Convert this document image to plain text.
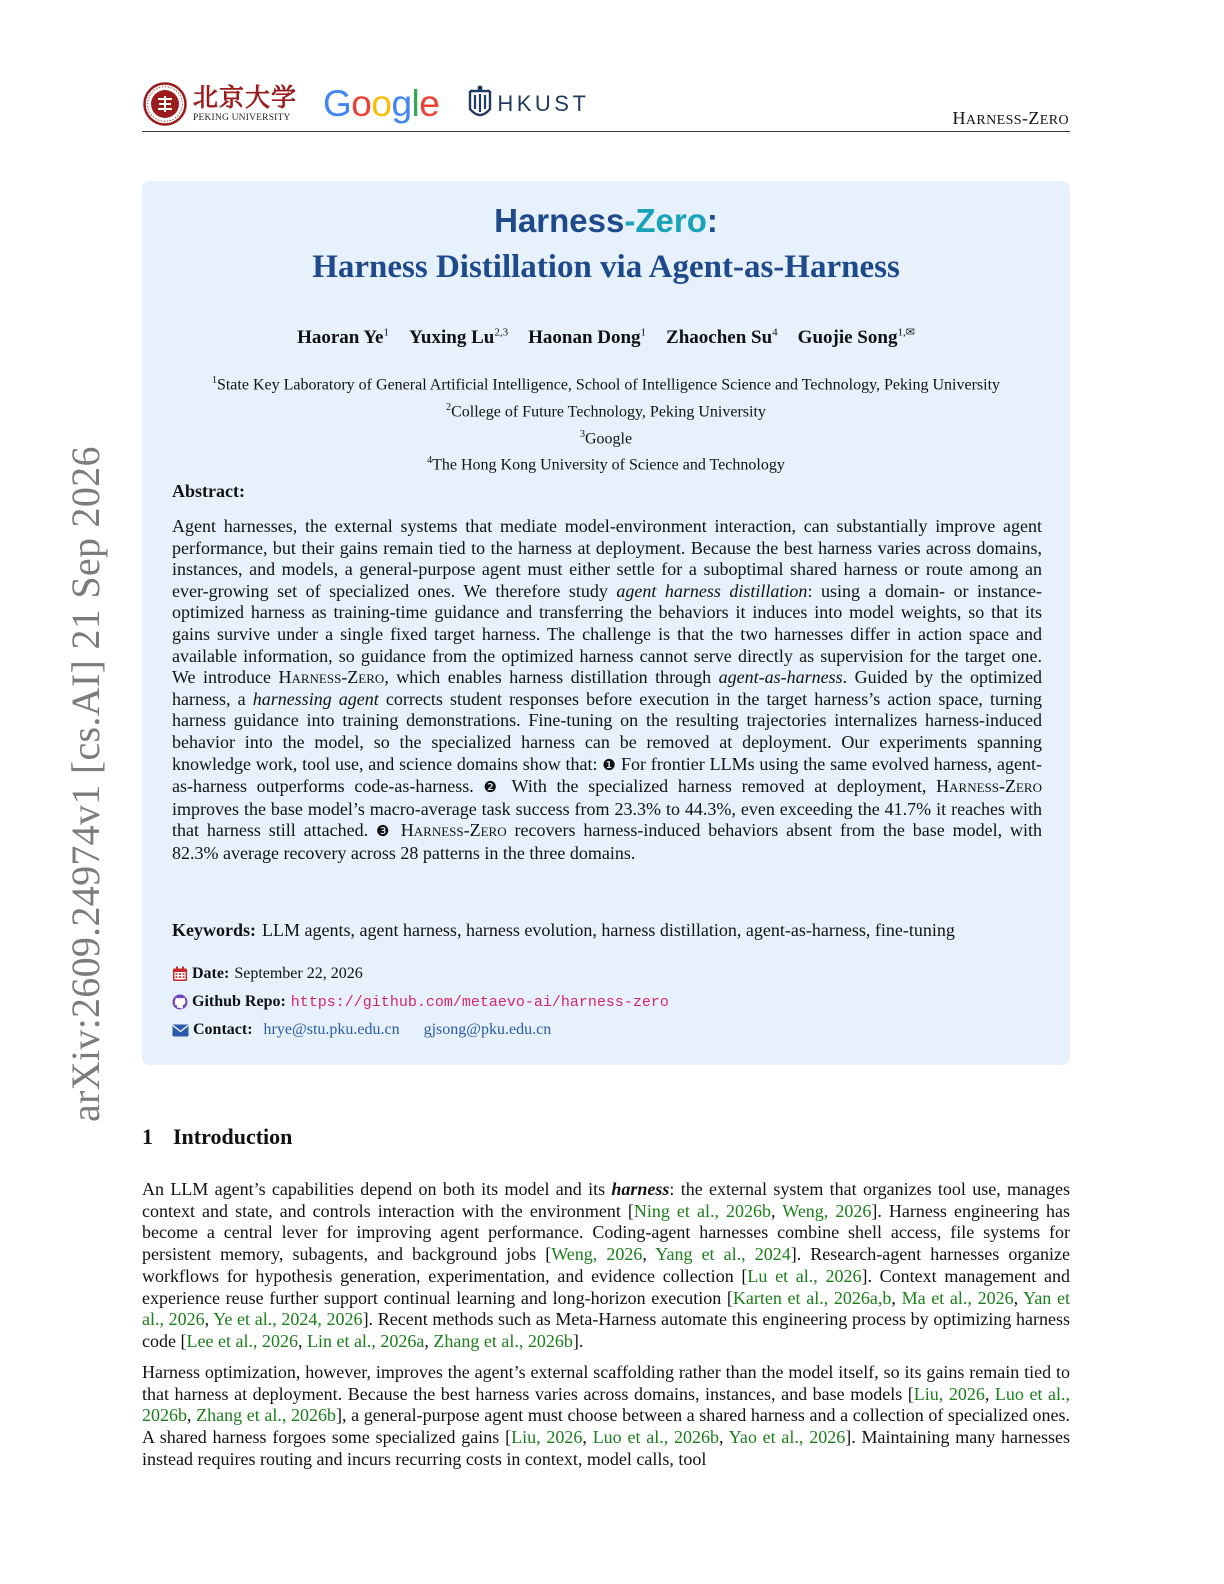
北京大学
PEKING UNIVERSITY Google	HKUST
HARNESS-ZERO
arXiv:2609.24974v1 [cs.AI] 21 Sep 2026
Harness-Zero:
Harness Distillation via Agent-as-Harness
Haoran Ye$^1$ Yuxing Lu$^{2,3}$ Haonan Dong$^1$ Zhaochen Su$^4$ Guojie Song$^{1,✉}$
$^1$State Key Laboratory of General Artificial Intelligence, School of Intelligence Science and Technology, Peking University
$^2$College of Future Technology, Peking University
$^3$Google
$^4$The Hong Kong University of Science and Technology
Abstract:
Agent harnesses, the external systems that mediate model-environment interaction, can substantially improve agent performance, but their gains remain tied to the harness at deployment. Because the best harness varies across domains, instances, and models, a general-purpose agent must either settle for a suboptimal shared harness or route among an ever-growing set of specialized ones. We therefore study agent harness distillation: using a domain- or instance-optimized harness as training-time guidance and transferring the behaviors it induces into model weights, so that its gains survive under a single fixed target harness. The challenge is that the two harnesses differ in action space and available information, so guidance from the optimized harness cannot serve directly as supervision for the target one. We introduce Harness-Zero, which enables harness distillation through agent-as-harness. Guided by the optimized harness, a harnessing agent corrects student responses before execution in the target harness’s action space, turning harness guidance into training demonstrations. Fine-tuning on the resulting trajectories internalizes harness-induced behavior into the model, so the specialized harness can be removed at deployment. Our experiments spanning knowledge work, tool use, and science domains show that: ❶ For frontier LLMs using the same evolved harness, agent-as-harness outperforms code-as-harness. ❷ With the specialized harness removed at deployment, Harness-Zero improves the base model’s macro-average task success from 23.3% to 44.3%, even exceeding the 41.7% it reaches with that harness still attached. ❸ Harness-Zero recovers harness-induced behaviors absent from the base model, with 82.3% average recovery across 28 patterns in the three domains.
Keywords: LLM agents, agent harness, harness evolution, harness distillation, agent-as-harness, fine-tuning
Date: September 22, 2026
Github Repo: https://github.com/metaevo-ai/harness-zero
Contact: hrye@stu.pku.edu.cn gjsong@pku.edu.cn
1 Introduction
An LLM agent’s capabilities depend on both its model and its harness: the external system that organizes tool use, manages context and state, and controls interaction with the environment [Ning et al., 2026b, Weng, 2026]. Harness engineering has become a central lever for improving agent performance. Coding-agent harnesses combine shell access, file systems for persistent memory, subagents, and background jobs [Weng, 2026, Yang et al., 2024]. Research-agent harnesses organize workflows for hypothesis generation, experimentation, and evidence collection [Lu et al., 2026]. Context management and experience reuse further support continual learning and long-horizon execution [Karten et al., 2026a,b, Ma et al., 2026, Yan et al., 2026, Ye et al., 2024, 2026]. Recent methods such as Meta-Harness automate this engineering process by optimizing harness code [Lee et al., 2026, Lin et al., 2026a, Zhang et al., 2026b].
Harness optimization, however, improves the agent’s external scaffolding rather than the model itself, so its gains remain tied to that harness at deployment. Because the best harness varies across domains, instances, and base models [Liu, 2026, Luo et al., 2026b, Zhang et al., 2026b], a general-purpose agent must choose between a shared harness and a collection of specialized ones. A shared harness forgoes some specialized gains [Liu, 2026, Luo et al., 2026b, Yao et al., 2026]. Maintaining many harnesses instead requires routing and incurs recurring costs in context, model calls, tool
